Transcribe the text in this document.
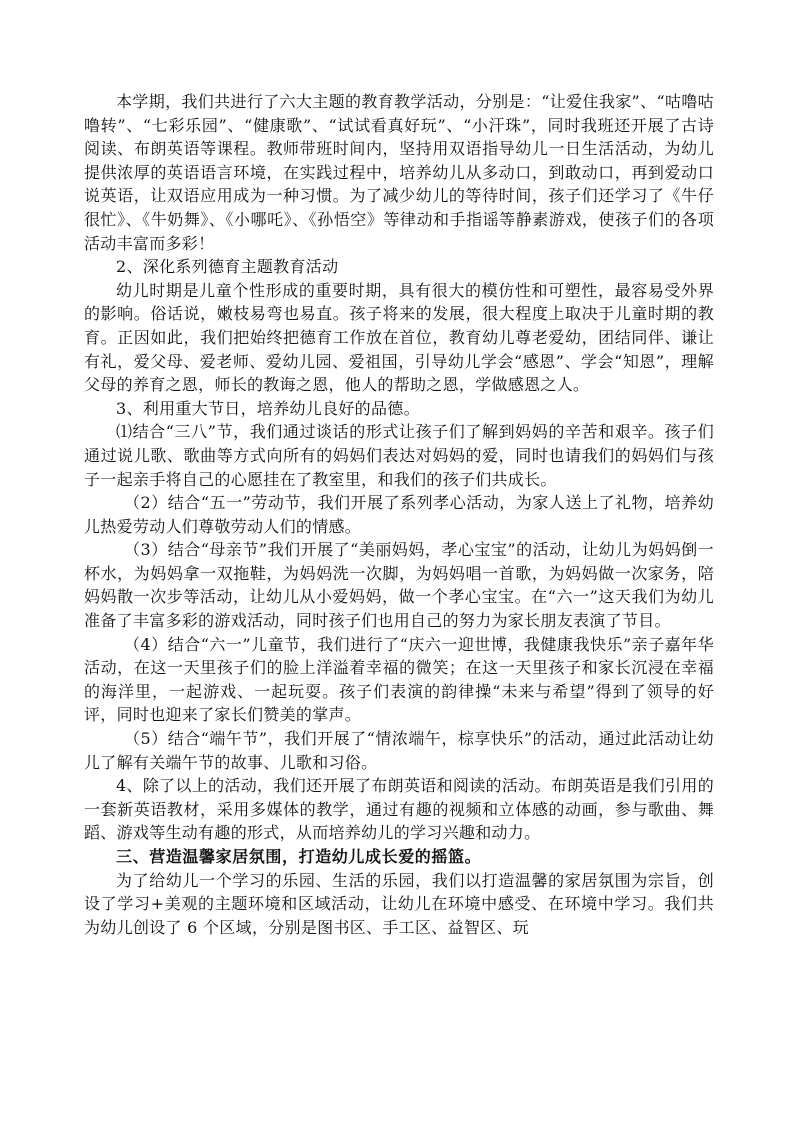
本学期，我们共进行了六大主题的教育教学活动，分别是：“让爱住我家”、“咕噜咕噜转”、“七彩乐园”、“健康歌”、“试试看真好玩”、“小汗珠”，同时我班还开展了古诗阅读、布朗英语等课程。教师带班时间内，坚持用双语指导幼儿一日生活活动，为幼儿提供浓厚的英语语言环境，在实践过程中，培养幼儿从多动口，到敢动口，再到爱动口说英语，让双语应用成为一种习惯。为了减少幼儿的等待时间，孩子们还学习了《牛仔很忙》、《牛奶舞》、《小哪吒》、《孙悟空》等律动和手指谣等静素游戏，使孩子们的各项活动丰富而多彩！

2、深化系列德育主题教育活动

幼儿时期是儿童个性形成的重要时期，具有很大的模仿性和可塑性，最容易受外界的影响。俗话说，嫩枝易弯也易直。孩子将来的发展，很大程度上取决于儿童时期的教育。正因如此，我们把始终把德育工作放在首位，教育幼儿尊老爱幼，团结同伴、谦让有礼，爱父母、爱老师、爱幼儿园、爱祖国，引导幼儿学会“感恩”、学会“知恩”，理解父母的养育之恩，师长的教诲之恩，他人的帮助之恩，学做感恩之人。

3、利用重大节日，培养幼儿良好的品德。

⑴结合“三八”节，我们通过谈话的形式让孩子们了解到妈妈的辛苦和艰辛。孩子们通过说儿歌、歌曲等方式向所有的妈妈们表达对妈妈的爱，同时也请我们的妈妈们与孩子一起亲手将自己的心愿挂在了教室里，和我们的孩子们共成长。

（2）结合“五一”劳动节，我们开展了系列孝心活动，为家人送上了礼物，培养幼儿热爱劳动人们尊敬劳动人们的情感。

（3）结合“母亲节”我们开展了“美丽妈妈，孝心宝宝”的活动，让幼儿为妈妈倒一杯水，为妈妈拿一双拖鞋，为妈妈洗一次脚，为妈妈唱一首歌，为妈妈做一次家务，陪妈妈散一次步等活动，让幼儿从小爱妈妈，做一个孝心宝宝。在“六一”这天我们为幼儿准备了丰富多彩的游戏活动，同时孩子们也用自己的努力为家长朋友表演了节目。

（4）结合“六一”儿童节，我们进行了“庆六一迎世博，我健康我快乐”亲子嘉年华活动，在这一天里孩子们的脸上洋溢着幸福的微笑；在这一天里孩子和家长沉浸在幸福的海洋里，一起游戏、一起玩耍。孩子们表演的韵律操“未来与希望”得到了领导的好评，同时也迎来了家长们赞美的掌声。

（5）结合“端午节”，我们开展了“情浓端午，棕享快乐”的活动，通过此活动让幼儿了解有关端午节的故事、儿歌和习俗。

4、除了以上的活动，我们还开展了布朗英语和阅读的活动。布朗英语是我们引用的一套新英语教材，采用多媒体的教学，通过有趣的视频和立体感的动画，参与歌曲、舞蹈、游戏等生动有趣的形式，从而培养幼儿的学习兴趣和动力。

三、营造温馨家居氛围，打造幼儿成长爱的摇篮。

为了给幼儿一个学习的乐园、生活的乐园，我们以打造温馨的家居氛围为宗旨，创设了学习+美观的主题环境和区域活动，让幼儿在环境中感受、在环境中学习。我们共为幼儿创设了 6 个区域，分别是图书区、手工区、益智区、玩
